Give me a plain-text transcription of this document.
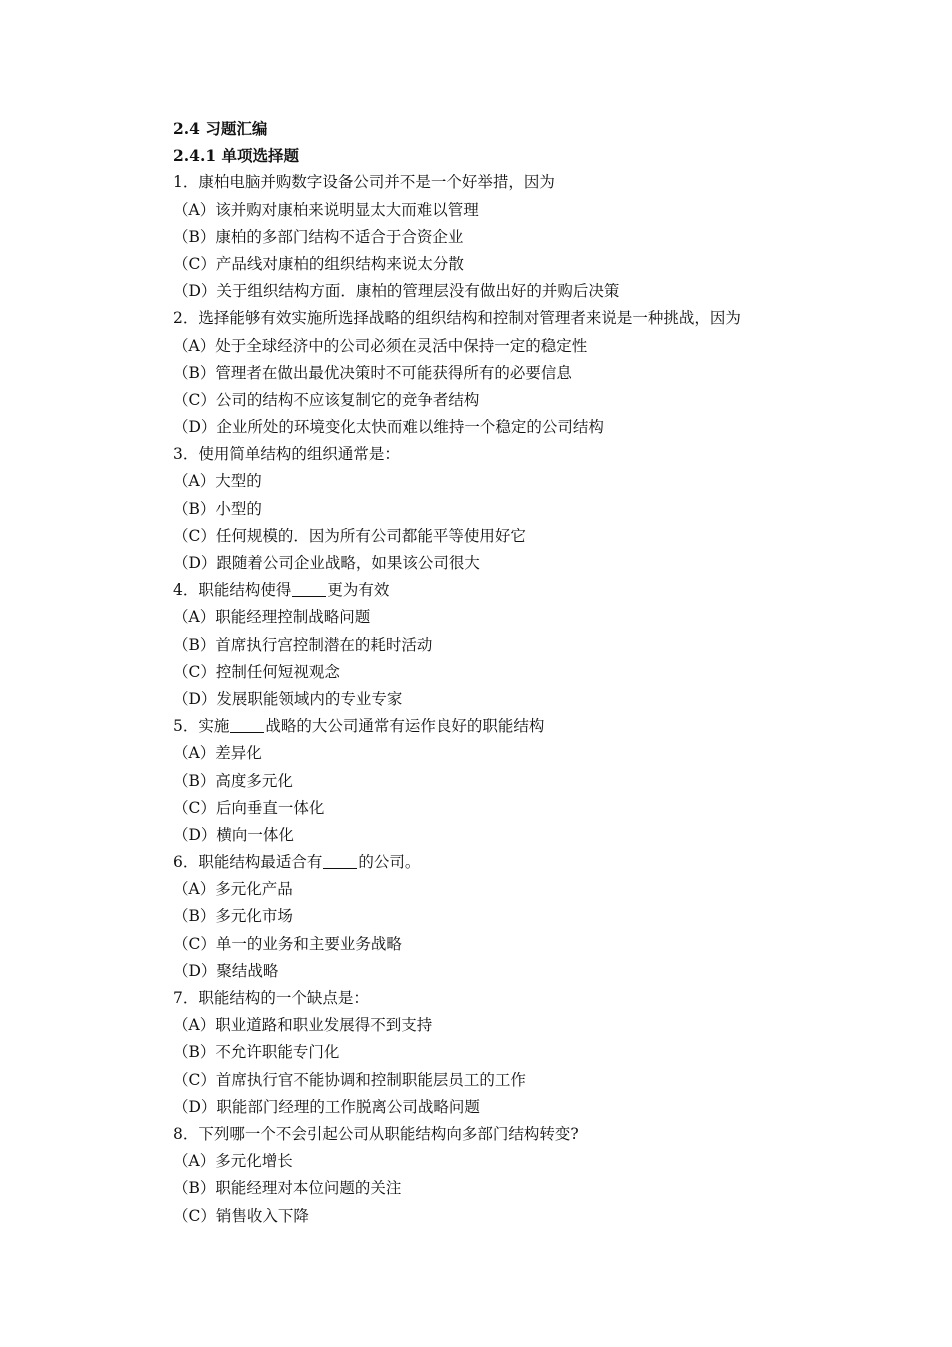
2.4 习题汇编
2.4.1 单项选择题
1．康柏电脑并购数字设备公司并不是一个好举措，因为
（A）该并购对康柏来说明显太大而难以管理
（B）康柏的多部门结构不适合于合资企业
（C）产品线对康柏的组织结构来说太分散
（D）关于组织结构方面．康柏的管理层没有做出好的并购后决策
2．选择能够有效实施所选择战略的组织结构和控制对管理者来说是一种挑战，因为
（A）处于全球经济中的公司必须在灵活中保持一定的稳定性
（B）管理者在做出最优决策时不可能获得所有的必要信息
（C）公司的结构不应该复制它的竞争者结构
（D）企业所处的环境变化太快而难以维持一个稳定的公司结构
3．使用简单结构的组织通常是：
（A）大型的
（B）小型的
（C）任何规模的．因为所有公司都能平等使用好它
（D）跟随着公司企业战略，如果该公司很大
4．职能结构使得 更为有效
（A）职能经理控制战略问题
（B）首席执行宫控制潜在的耗时活动
（C）控制任何短视观念
（D）发展职能领域内的专业专家
5．实施 战略的大公司通常有运作良好的职能结构
（A）差异化
（B）高度多元化
（C）后向垂直一体化
（D）横向一体化
6．职能结构最适合有 的公司。
（A）多元化产品
（B）多元化市场
（C）单一的业务和主要业务战略
（D）聚结战略
7．职能结构的一个缺点是：
（A）职业道路和职业发展得不到支持
（B）不允许职能专门化
（C）首席执行官不能协调和控制职能层员工的工作
（D）职能部门经理的工作脱离公司战略问题
8．下列哪一个不会引起公司从职能结构向多部门结构转变?
（A）多元化增长
（B）职能经理对本位问题的关注
（C）销售收入下降
